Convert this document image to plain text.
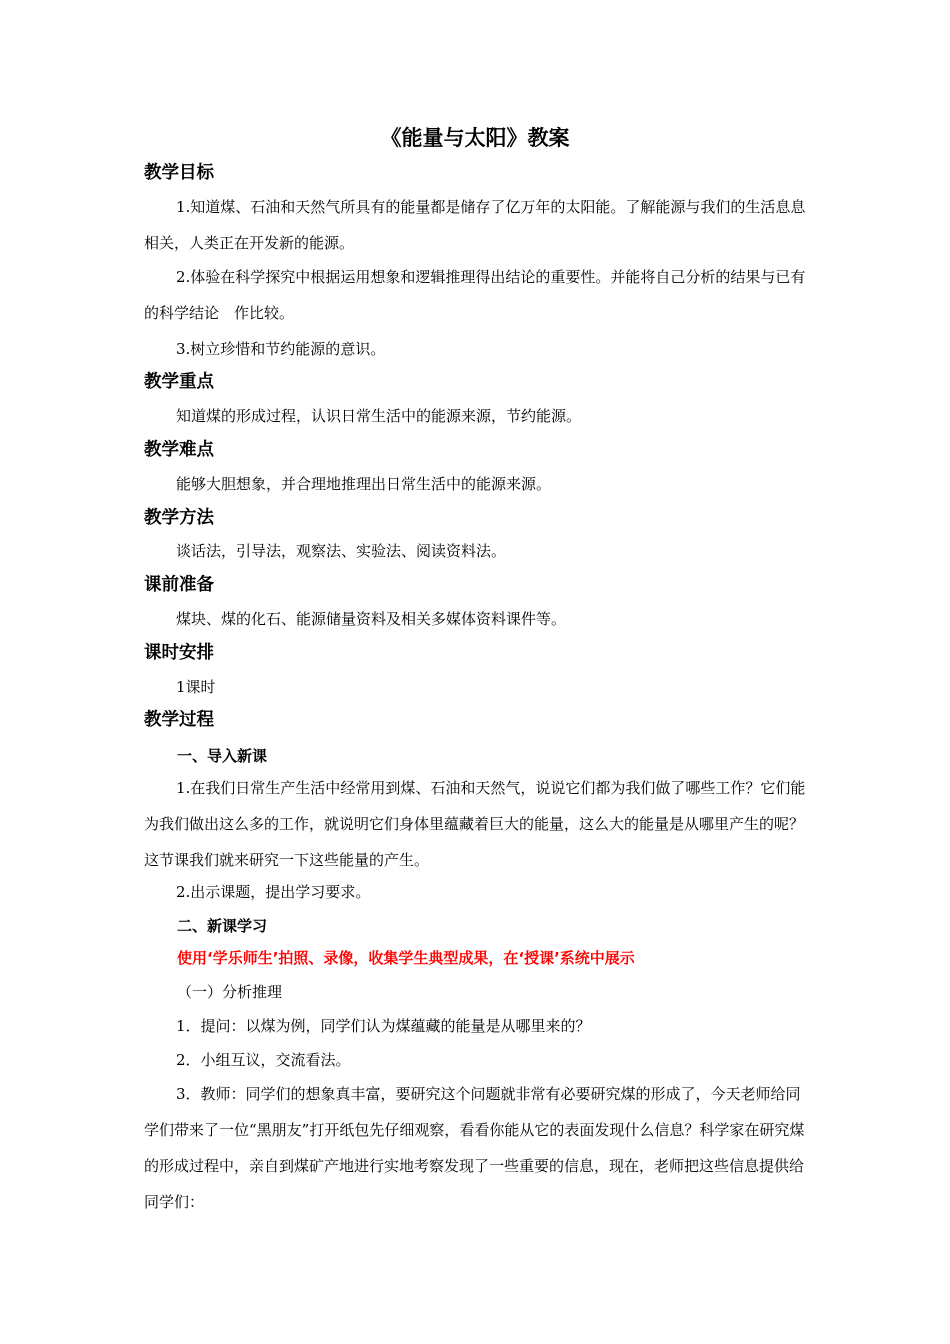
《能量与太阳》教案
教学目标

1.知道煤、石油和天然气所具有的能量都是储存了亿万年的太阳能。了解能源与我们的生活息息相关，人类正在开发新的能源。

2.体验在科学探究中根据运用想象和逻辑推理得出结论的重要性。并能将自己分析的结果与已有的科学结论　作比较。

3.树立珍惜和节约能源的意识。

教学重点

知道煤的形成过程，认识日常生活中的能源来源，节约能源。

教学难点

能够大胆想象，并合理地推理出日常生活中的能源来源。

教学方法

谈话法，引导法，观察法、实验法、阅读资料法。

课前准备

煤块、煤的化石、能源储量资料及相关多媒体资料课件等。

课时安排

1课时

教学过程
一、导入新课

1.在我们日常生产生活中经常用到煤、石油和天然气，说说它们都为我们做了哪些工作？它们能为我们做出这么多的工作，就说明它们身体里蕴藏着巨大的能量，这么大的能量是从哪里产生的呢？这节课我们就来研究一下这些能量的产生。

2.出示课题，提出学习要求。

二、新课学习
使用‘学乐师生’拍照、录像，收集学生典型成果，在‘授课’系统中展示
（一）分析推理

1．提问：以煤为例，同学们认为煤蕴藏的能量是从哪里来的？

2．小组互议，交流看法。

3．教师：同学们的想象真丰富，要研究这个问题就非常有必要研究煤的形成了，今天老师给同学们带来了一位“黑朋友”打开纸包先仔细观察，看看你能从它的表面发现什么信息？科学家在研究煤的形成过程中，亲自到煤矿产地进行实地考察发现了一些重要的信息，现在，老师把这些信息提供给同学们：
